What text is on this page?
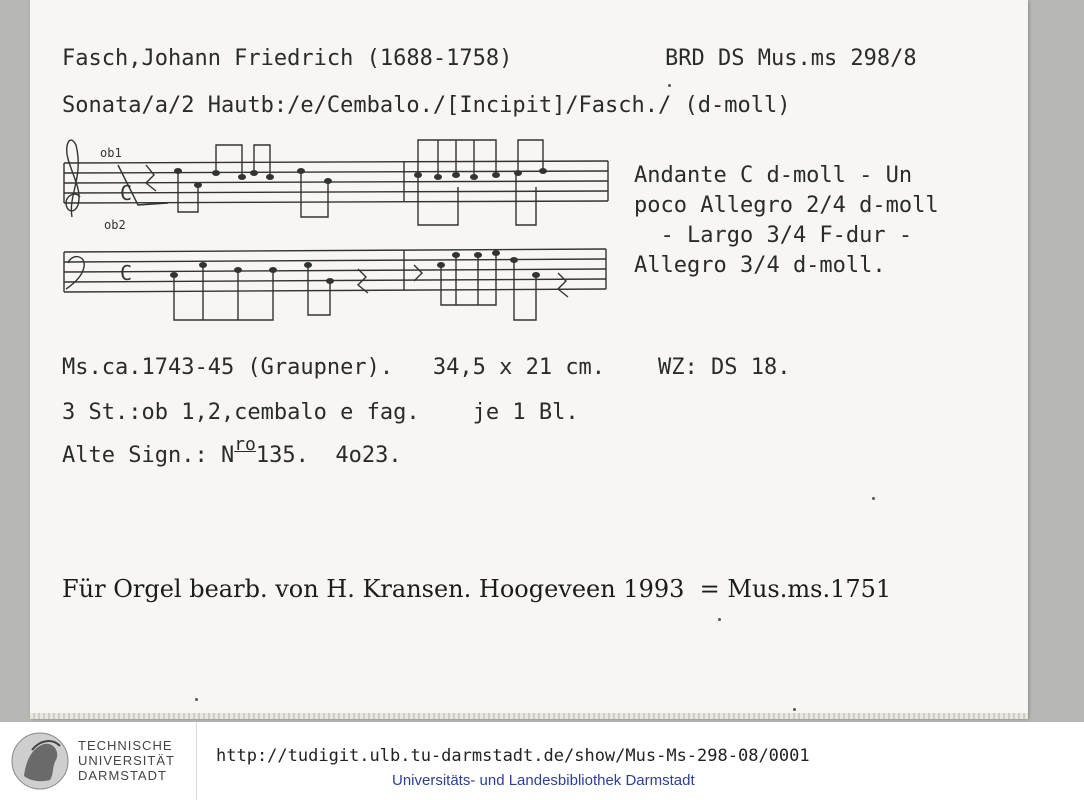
Fasch,Johann Friedrich (1688-1758)	BRD DS Mus.ms 298/8

Sonata/a/2 Hautb:/e/Cembalo./[Incipit]/Fasch./ (d-moll)

Andante C d-moll - Un

poco Allegro 2/4 d-moll

- Largo 3/4 F-dur -

Allegro 3/4 d-moll.

Ms.ca.1743-45 (Graupner).   34,5 x 21 cm.    WZ: DS 18.

3 St.:ob 1,2,cembalo e fag.    je 1 Bl.

Alte Sign.: $N^{ro}135$.  4o23.

Für Orgel bearb. von H. Kransen. Hoogeveen 1993  = Mus.ms.1751

ob1
ob2
C
C
TECHNISCHE
UNIVERSITÄT
DARMSTADT
http://tudigit.ulb.tu-darmstadt.de/show/Mus-Ms-298-08/0001
Universitäts- und Landesbibliothek Darmstadt
